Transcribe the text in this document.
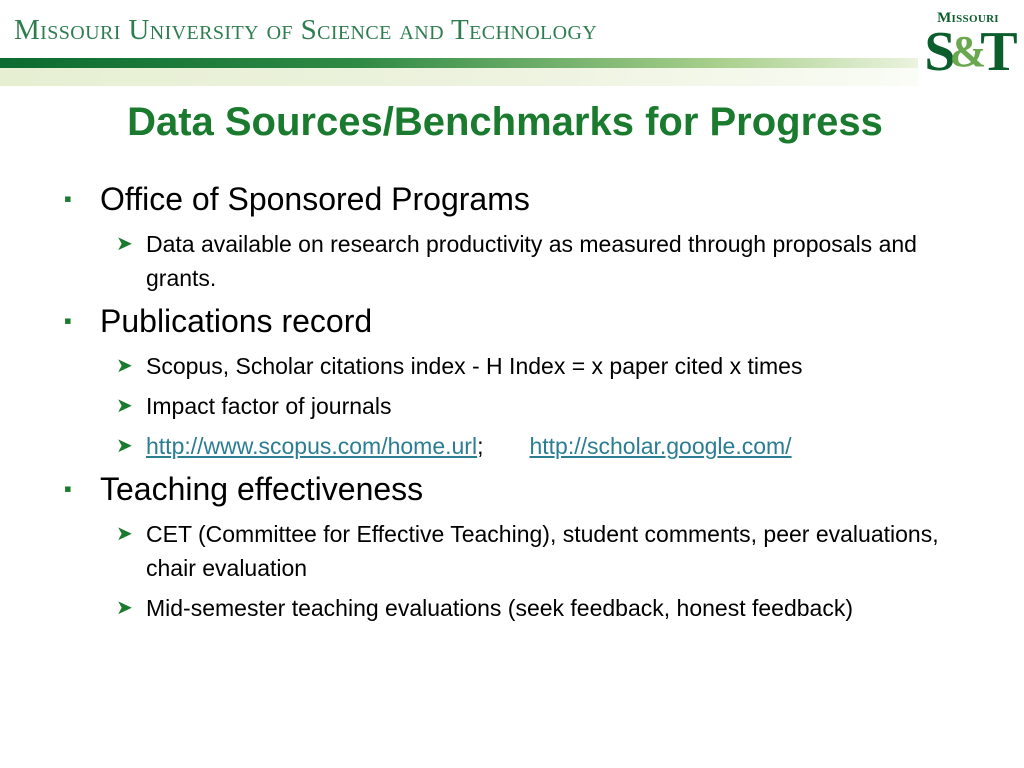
Missouri University of Science and Technology	Missouri
S&T
Data Sources/Benchmarks for Progress
▪ Office of Sponsored Programs
➤ Data available on research productivity as measured through proposals and grants.
▪ Publications record
➤ Scopus, Scholar citations index - H Index = x paper cited x times
➤ Impact factor of journals
➤ http://www.scopus.com/home.url; http://scholar.google.com/
▪ Teaching effectiveness
➤ CET (Committee for Effective Teaching), student comments, peer evaluations, chair evaluation
➤ Mid-semester teaching evaluations (seek feedback, honest feedback)
